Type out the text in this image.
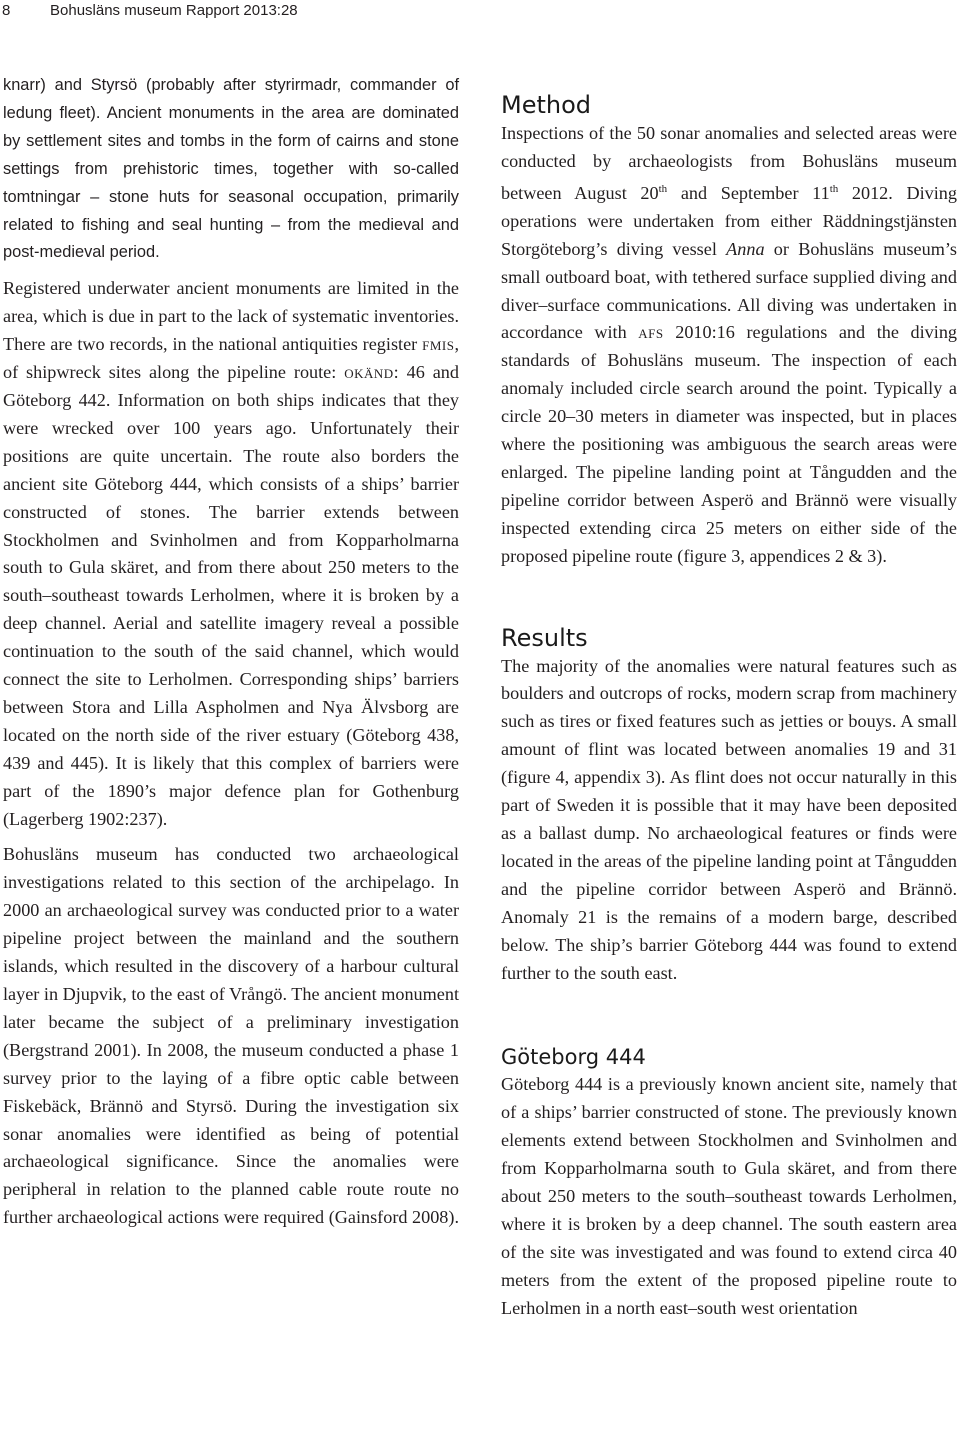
8	Bohusläns museum Rapport 2013:28

knarr) and Styrsö (probably after styrirmadr, commander of ledung fleet). Ancient monuments in the area are dominated by settlement sites and tombs in the form of cairns and stone settings from prehistoric times, together with so-called tomtningar – stone huts for seasonal occupation, primarily related to fishing and seal hunting – from the medieval and post-medieval period.

Registered underwater ancient monuments are limited in the area, which is due in part to the lack of systematic inventories. There are two records, in the national antiquities register fmis, of shipwreck sites along the pipeline route: okänd: 46 and Göteborg 442. Information on both ships indicates that they were wrecked over 100 years ago. Unfortunately their positions are quite uncertain. The route also borders the ancient site Göteborg 444, which consists of a ships’ barrier constructed of stones. The barrier extends between Stockholmen and Svinholmen and from Kopparholmarna south to Gula skäret, and from there about 250 meters to the south–southeast towards Lerholmen, where it is broken by a deep channel. Aerial and satellite imagery reveal a possible continuation to the south of the said channel, which would connect the site to Lerholmen. Corresponding ships’ barriers between Stora and Lilla Aspholmen and Nya Älvsborg are located on the north side of the river estuary (Göteborg 438, 439 and 445). It is likely that this complex of barriers were part of the 1890’s major defence plan for Gothenburg (Lagerberg 1902:237).

Bohusläns museum has conducted two archaeological investigations related to this section of the archipelago. In 2000 an archaeological survey was conducted prior to a water pipeline project between the mainland and the southern islands, which resulted in the discovery of a harbour cultural layer in Djupvik, to the east of Vrångö. The ancient monument later became the subject of a preliminary investigation (Bergstrand 2001). In 2008, the museum conducted a phase 1 survey prior to the laying of a fibre optic cable between Fiskebäck, Brännö and Styrsö. During the investigation six sonar anomalies were identified as being of potential archaeological significance. Since the anomalies were peripheral in relation to the planned cable route route no further archaeological actions were required (Gainsford 2008).

Method

Inspections of the 50 sonar anomalies and selected areas were conducted by archaeologists from Bohusläns museum between August 20th and September 11th 2012. Diving operations were undertaken from either Räddningstjänsten Storgöteborg’s diving vessel Anna or Bohusläns museum’s small outboard boat, with tethered surface supplied diving and diver–surface communications. All diving was undertaken in accordance with afs 2010:16 regulations and the diving standards of Bohusläns museum. The inspection of each anomaly included circle search around the point. Typically a circle 20–30 meters in diameter was inspected, but in places where the positioning was ambiguous the search areas were enlarged. The pipeline landing point at Tångudden and the pipeline corridor between Asperö and Brännö were visually inspected extending circa 25 meters on either side of the proposed pipeline route (figure 3, appendices 2 & 3).

Results

The majority of the anomalies were natural features such as boulders and outcrops of rocks, modern scrap from machinery such as tires or fixed features such as jetties or bouys. A small amount of flint was located between anomalies 19 and 31 (figure 4, appendix 3). As flint does not occur naturally in this part of Sweden it is possible that it may have been deposited as a ballast dump. No archaeological features or finds were located in the areas of the pipeline landing point at Tångudden and the pipeline corridor between Asperö and Brännö. Anomaly 21 is the remains of a modern barge, described below. The ship’s barrier Göteborg 444 was found to extend further to the south east.

Göteborg 444

Göteborg 444 is a previously known ancient site, namely that of a ships’ barrier constructed of stone. The previously known elements extend between Stockholmen and Svinholmen and from Kopparholmarna south to Gula skäret, and from there about 250 meters to the south–southeast towards Lerholmen, where it is broken by a deep channel. The south eastern area of the site was investigated and was found to extend circa 40 meters from the extent of the proposed pipeline route to Lerholmen in a north east–south west orientation
